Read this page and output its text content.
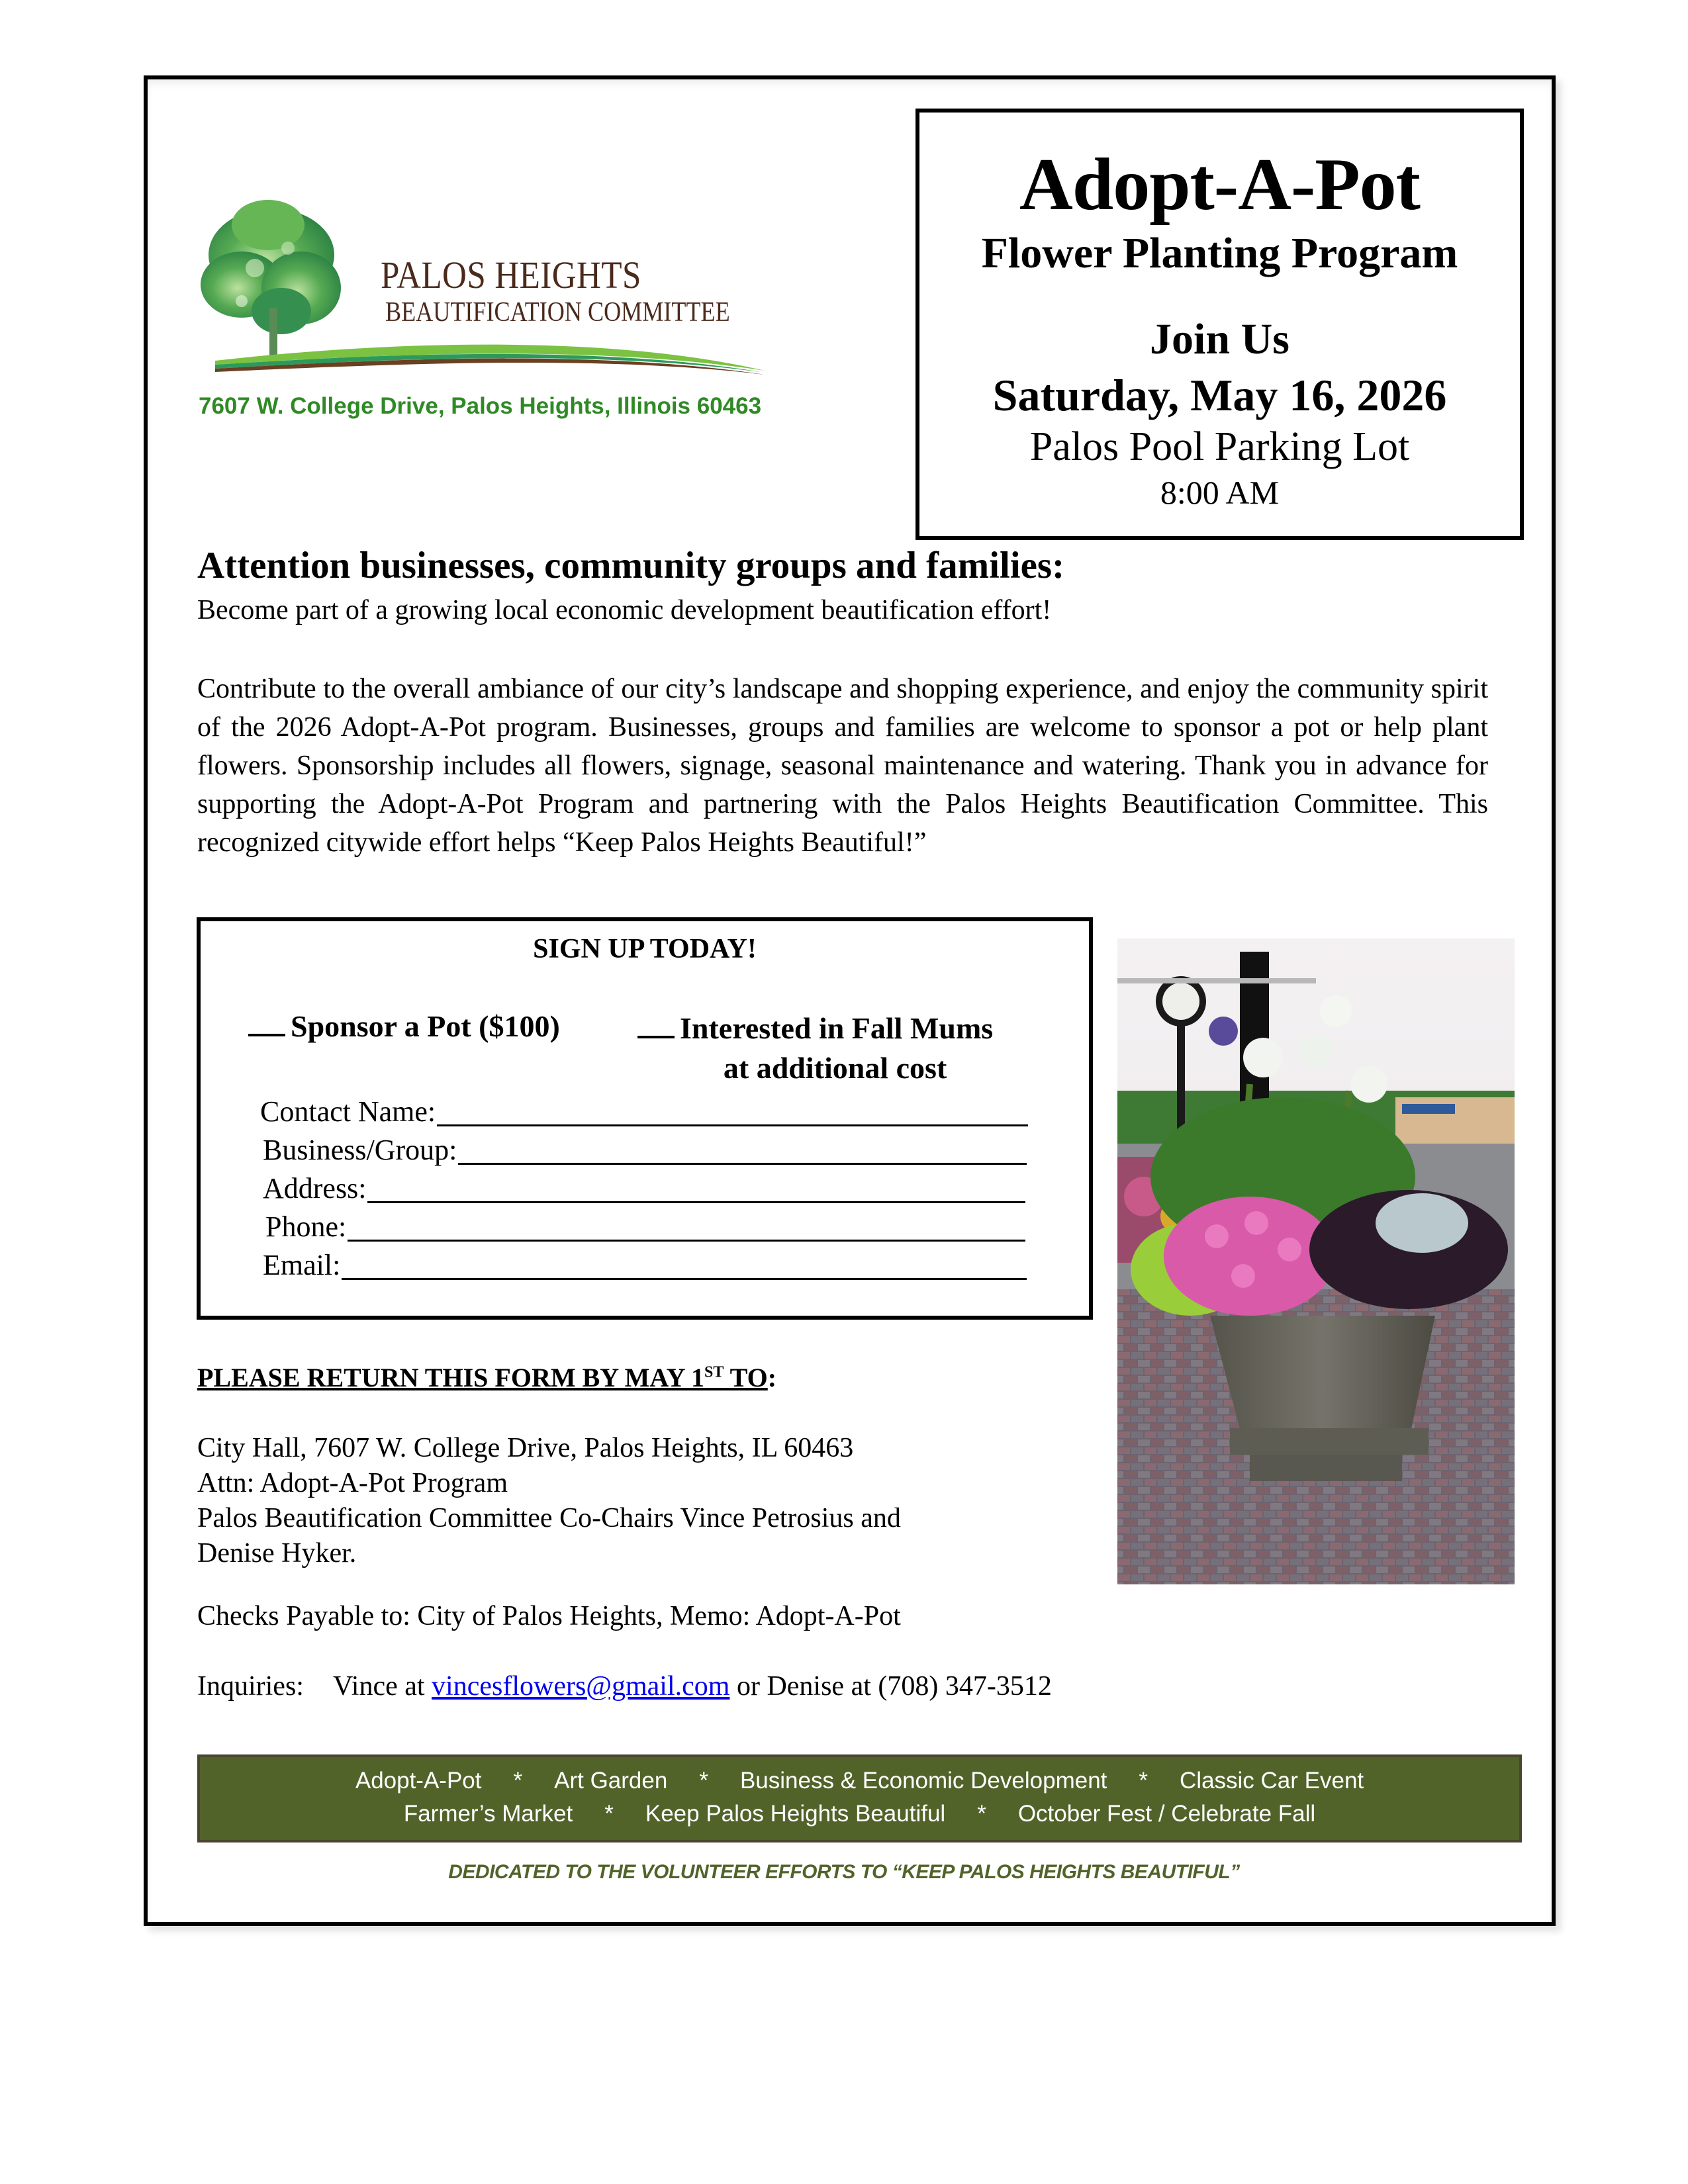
PALOS HEIGHTS
BEAUTIFICATION COMMITTEE
7607 W. College Drive, Palos Heights, Illinois 60463
Adopt-A-Pot
Flower Planting Program
Join Us
Saturday, May 16, 2026
Palos Pool Parking Lot
8:00 AM
Attention businesses, community groups and families:
Become part of a growing local economic development beautification effort!
Contribute to the overall ambiance of our city’s landscape and shopping experience, and enjoy the community spirit of the 2026 Adopt-A-Pot program. Businesses, groups and families are welcome to sponsor a pot or help plant flowers. Sponsorship includes all flowers, signage, seasonal maintenance and watering. Thank you in advance for supporting the Adopt-A-Pot Program and partnering with the Palos Heights Beautification Committee. This recognized citywide effort helps “Keep Palos Heights Beautiful!”
SIGN UP TODAY!
Sponsor a Pot ($100)	Interested in Fall Mums
at additional cost
Contact Name:
Business/Group:
Address:
Phone:
Email:
PLEASE RETURN THIS FORM BY MAY 1ST TO:
City Hall, 7607 W. College Drive, Palos Heights, IL 60463
Attn: Adopt-A-Pot Program
Palos Beautification Committee Co-Chairs Vince Petrosius and
Denise Hyker.
Checks Payable to: City of Palos Heights, Memo: Adopt-A-Pot
Inquiries: Vince at vincesflowers@gmail.com or Denise at (708) 347-3512
Adopt-A-Pot * Art Garden * Business & Economic Development * Classic Car Event
Farmer’s Market * Keep Palos Heights Beautiful * October Fest / Celebrate Fall
DEDICATED TO THE VOLUNTEER EFFORTS TO “KEEP PALOS HEIGHTS BEAUTIFUL”
